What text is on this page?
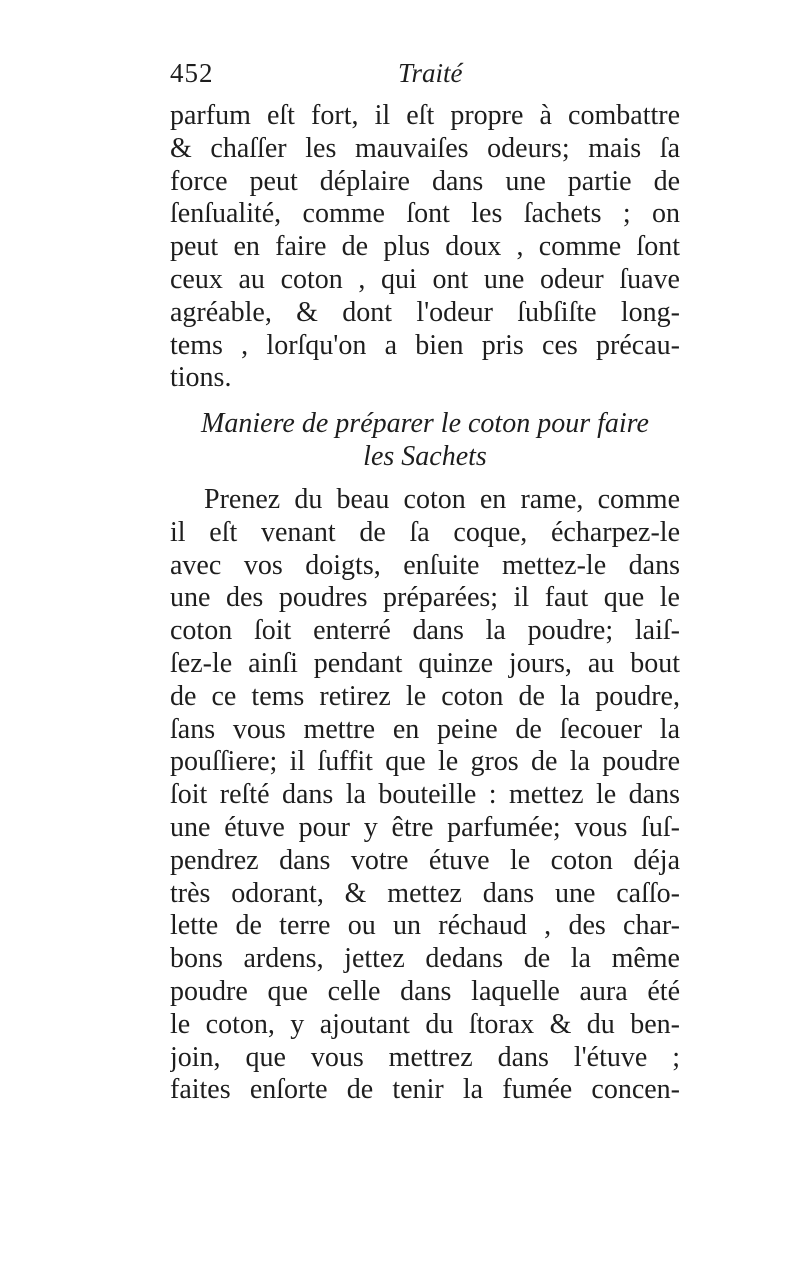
452	Traité
parfum eſt fort, il eſt propre à combattre
& chaſſer les mauvaiſes odeurs; mais ſa
force peut déplaire dans une partie de
ſenſualité, comme ſont les ſachets ; on
peut en faire de plus doux , comme ſont
ceux au coton , qui ont une odeur ſuave
agréable, & dont l'odeur ſubſiſte long-
tems , lorſqu'on a bien pris ces précau-
tions.
Maniere de préparer le coton pour faire
les Sachets
Prenez du beau coton en rame, comme
il eſt venant de ſa coque, écharpez-le
avec vos doigts, enſuite mettez-le dans
une des poudres préparées; il faut que le
coton ſoit enterré dans la poudre; laiſ-
ſez-le ainſi pendant quinze jours, au bout
de ce tems retirez le coton de la poudre,
ſans vous mettre en peine de ſecouer la
pouſſiere; il ſuffit que le gros de la poudre
ſoit reſté dans la bouteille : mettez le dans
une étuve pour y être parfumée; vous ſuſ-
pendrez dans votre étuve le coton déja
très odorant, & mettez dans une caſſo-
lette de terre ou un réchaud , des char-
bons ardens, jettez dedans de la même
poudre que celle dans laquelle aura été
le coton, y ajoutant du ſtorax & du ben-
join, que vous mettrez dans l'étuve ;
faites enſorte de tenir la fumée concen-
